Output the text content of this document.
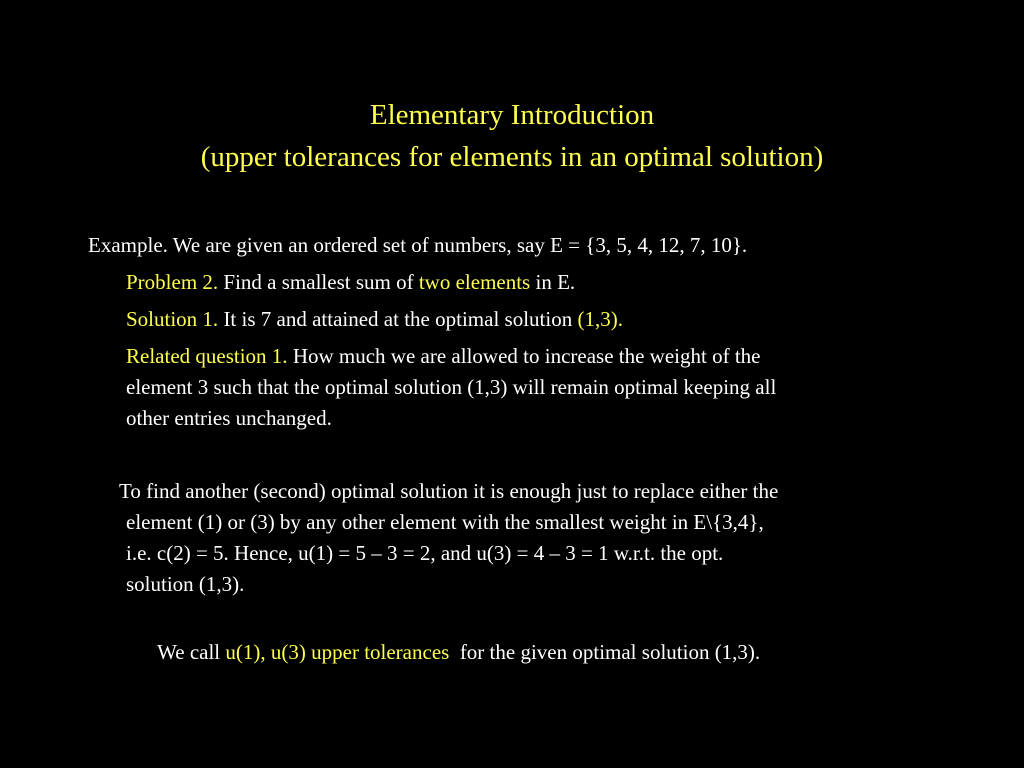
Elementary Introduction
(upper tolerances for elements in an optimal solution)
Example. We are given an ordered set of numbers, say E = {3, 5, 4, 12, 7, 10}.
Problem 2. Find a smallest sum of two elements in E.
Solution 1. It is 7 and attained at the optimal solution (1,3).
Related question 1. How much we are allowed to increase the weight of the
element 3 such that the optimal solution (1,3) will remain optimal keeping all
other entries unchanged.
To find another (second) optimal solution it is enough just to replace either the
element (1) or (3) by any other element with the smallest weight in E\{3,4},
i.e. c(2) = 5. Hence, u(1) = 5 – 3 = 2, and u(3) = 4 – 3 = 1 w.r.t. the opt.
solution (1,3).

We call u(1), u(3) upper tolerances  for the given optimal solution (1,3).
